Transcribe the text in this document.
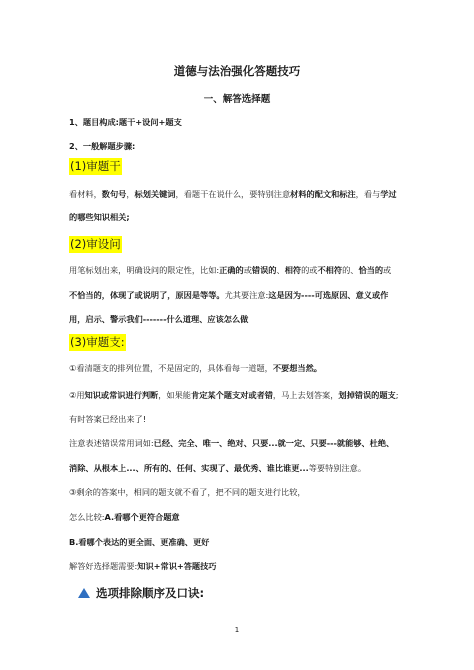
道德与法治强化答题技巧
一、解答选择题
1、题目构成:题干+设问+题支
2、一般解题步骤:
(1)审题干
看材料，数句号，标划关键词，看题干在说什么，要特别注意材料的配文和标注，看与学过
的哪些知识相关;
(2)审设问
用笔标划出来，明确设问的限定性，比如:正确的或错误的、相符的或不相符的、恰当的或
不恰当的，体现了或说明了，原因是等等。尤其要注意:这是因为----可选原因、意义或作
用，启示、警示我们-------什么道理、应该怎么做
(3)审题支:
①看清题支的排列位置，不是固定的，具体看每一道题，不要想当然。
②用知识或常识进行判断，如果能肯定某个题支对或者错，马上去划答案，划掉错误的题支;
有时答案已经出来了!
注意表述错误常用词如:已经、完全、唯一、绝对、只要...就一定、只要---就能够、杜绝、
消除、从根本上...、所有的、任何、实现了、最优秀、谁比谁更...等要特别注意。
③剩余的答案中，相同的题支就不看了，把不同的题支进行比较，
怎么比较:A.看哪个更符合题意
B.看哪个表达的更全面、更准确、更好
解答好选择题需要:知识+常识+答题技巧
选项排除顺序及口诀:
1
